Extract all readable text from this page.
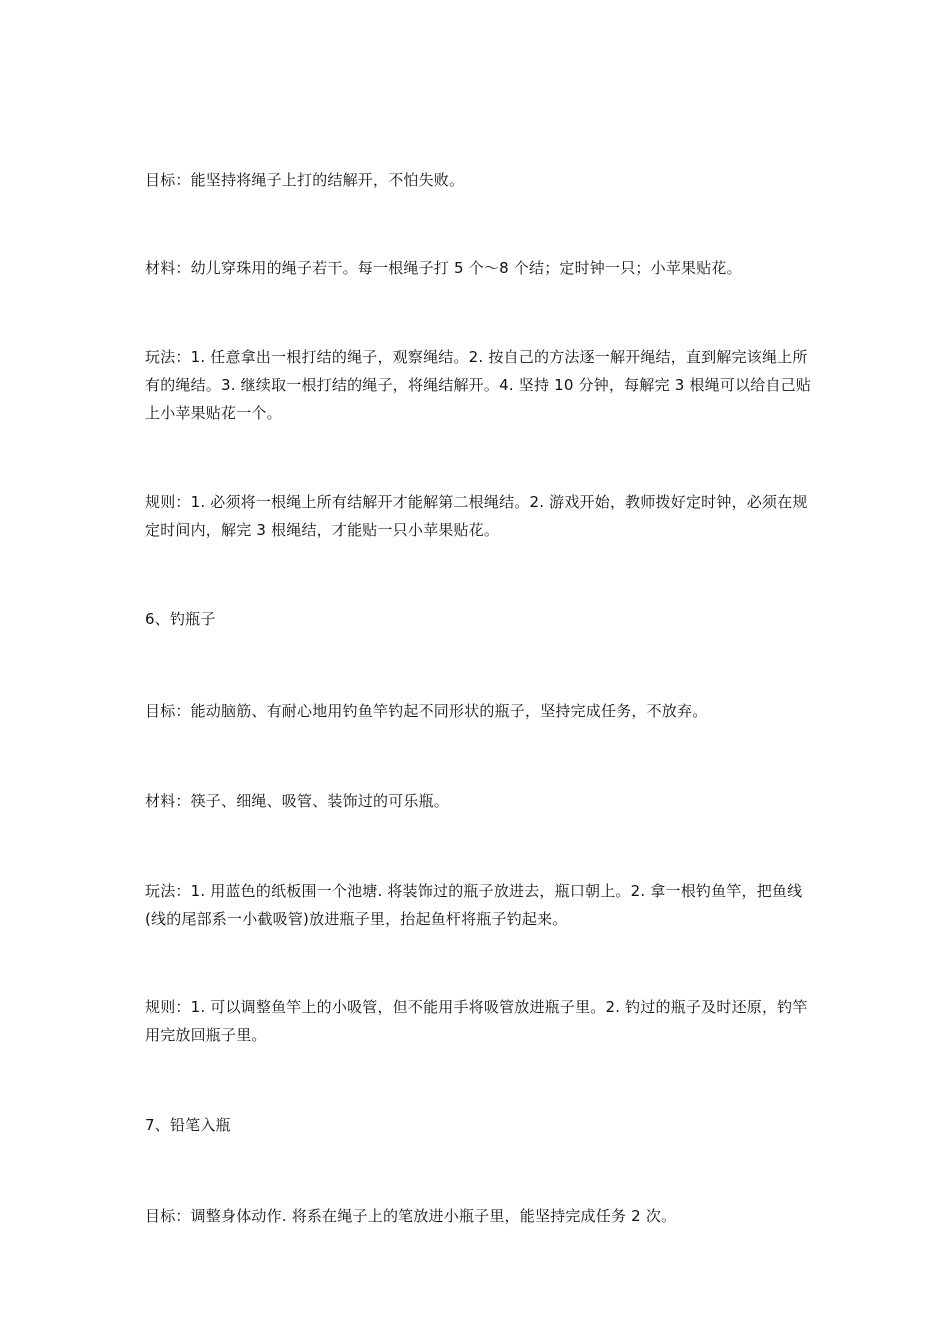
目标：能坚持将绳子上打的结解开，不怕失败。

材料：幼儿穿珠用的绳子若干。每一根绳子打 5 个～8 个结；定时钟一只；小苹果贴花。

玩法：1. 任意拿出一根打结的绳子，观察绳结。2. 按自己的方法逐一解开绳结，直到解完该绳上所有的绳结。3. 继续取一根打结的绳子，将绳结解开。4. 坚持 10 分钟，每解完 3 根绳可以给自己贴上小苹果贴花一个。

规则：1. 必须将一根绳上所有结解开才能解第二根绳结。2. 游戏开始，教师拨好定时钟，必须在规定时间内，解完 3 根绳结，才能贴一只小苹果贴花。

6、钓瓶子

目标：能动脑筋、有耐心地用钓鱼竿钓起不同形状的瓶子，坚持完成任务，不放弃。

材料：筷子、细绳、吸管、装饰过的可乐瓶。

玩法：1. 用蓝色的纸板围一个池塘. 将装饰过的瓶子放进去，瓶口朝上。2. 拿一根钓鱼竿，把鱼线(线的尾部系一小截吸管)放进瓶子里，抬起鱼杆将瓶子钓起来。

规则：1. 可以调整鱼竿上的小吸管，但不能用手将吸管放进瓶子里。2. 钓过的瓶子及时还原，钓竿用完放回瓶子里。

7、铅笔入瓶

目标：调整身体动作. 将系在绳子上的笔放进小瓶子里，能坚持完成任务 2 次。
